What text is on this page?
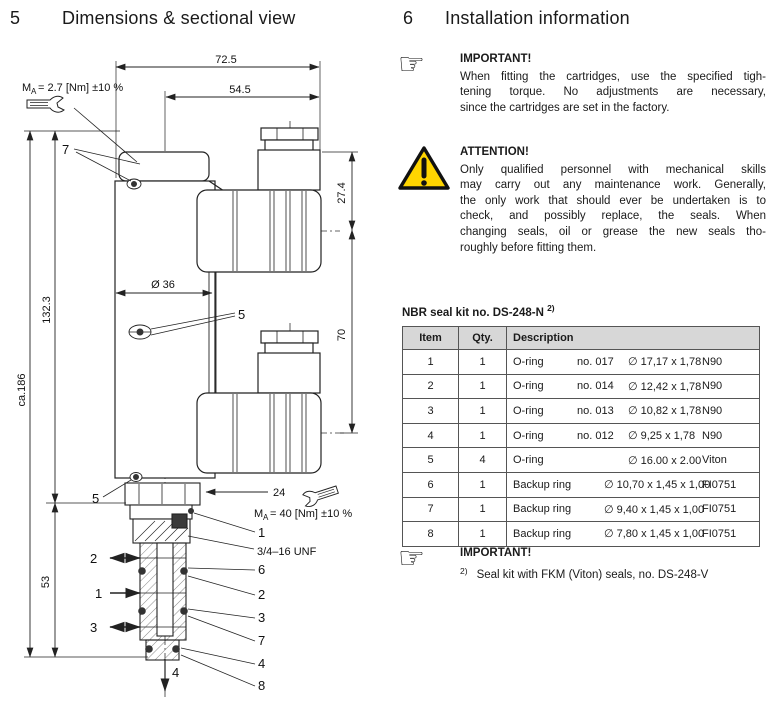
5 Dimensions & sectional view
72.5
54.5
Ø 36
27.4
70
ca.186
132.3
53
24
3/4–16 UNF
M A = 2.7 [Nm] ±10 %
M A = 40 [Nm] ±10 %
7
5
5
1
6
2
3
7
4
8
2
1
3
4
6 Installation information
☞	IMPORTANT!
When fitting the cartridges, use the specified tigh-
tening torque. No adjustments are necessary,
since the cartridges are set in the factory.
ATTENTION!
Only qualified personnel with mechanical skills
may carry out any maintenance work. Generally,
the only work that should ever be undertaken is to
check, and possibly replace, the seals. When
changing seals, oil or grease the new seals tho-
roughly before fitting them.
NBR seal kit no. DS-248-N $^{2)}$
Item	Qty.	Description
1	1	O-ring no. 017 ∅ 17,17 x 1,78 N90

2	1	O-ring no. 014 ∅ 12,42 x 1,78 N90

3	1	O-ring no. 013 ∅ 10,82 x 1,78 N90

4	1	O-ring no. 012 ∅ 9,25 x 1,78 N90

5	4	O-ring ∅ 16.00 x 2.00 Viton

6	1	Backup ring ∅ 10,70 x 1,45 x 1,00
FI0751

7	1	Backup ring ∅ 9,40 x 1,45 x 1,00
FI0751

8	1	Backup ring ∅ 7,80 x 1,45 x 1,00
FI0751
☞	IMPORTANT!
$^{2)}$ Seal kit with FKM (Viton) seals, no. DS-248-V
